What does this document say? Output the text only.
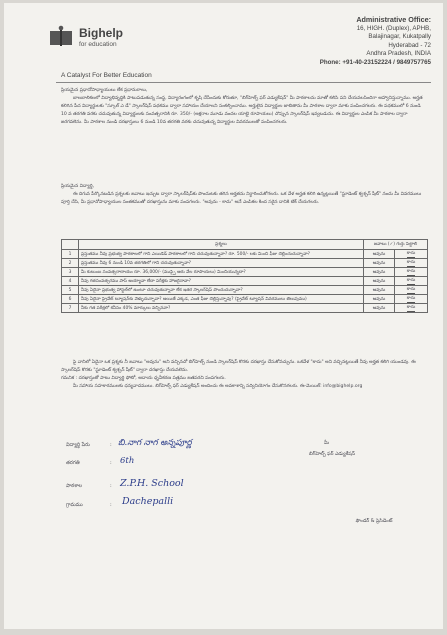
Bighelp
for education
A Catalyst For Better Education
Administrative Office:
16, HIGH. (Duplex), APHB,
Balajinagar, Kukatpally
Hyderabad - 72
Andhra Pradesh, INDIA
Phone: +91-40-23152224 / 9849757765

ప్రియమైన ప్రధానోపాధ్యాయులు లేక ప్రధానురాలు,

బాలబాలికలలో విద్యాభివృద్ధికి పాటుపడుతున్న సంస్థ, విద్యారంగంలో కృషి చేసేందుకు కోరుతూ, "బిగ్‌హెల్ప్ ఫర్ ఎడ్యుకేషన్" మీ పాఠశాలను మాతో కలిసి పని చేయవలసిందిగా ఆహ్వానిస్తున్నాము. అర్హత కలిగిన పేద విద్యార్థులకు "స్కూల్ ఎ డే" స్కాలర్‌షిప్ పథకము ద్వారా సహాయం చేయాలని సంకల్పించాము. అర్హులైన విద్యార్థుల జాబితాను మీ పాఠశాల ద్వారా మాకు పంపించగలరు. ఈ పథకములో 6 నుండి 10 వ తరగతి వరకు చదువుతున్న విద్యార్థులకు సంవత్సరానికి రూ. 350/- (అక్షరాల మూడు వందల యాభై రూపాయలు) చొప్పున స్కాలర్‌షిప్ ఇవ్వబడును. ఈ విద్యార్థుల ఎంపిక మీ పాఠశాల ద్వారా జరగవలెను. మీ పాఠశాల నుండి దరఖాస్తులు 6 నుండి 10వ తరగతి వరకు చదువుతున్న విద్యార్థుల వివరములతో పంపించగలరు.

ప్రియమైన విద్యార్థి,

ఈ దిగువ పేర్కొనబడిన ప్రశ్నలకు జవాబు ఇచ్చుట ద్వారా స్కాలర్‌షిప్‌కు పొందుటకు తగిన అర్హతను నిర్ధారించుకోగలరు. ఒక వేళ అర్హత కలిగి ఉన్నట్లయితే "స్టూడెంట్ క్వశ్చన్ షీట్" నందు మీ వివరములు పూర్తి చేసి, మీ ప్రధానోపాధ్యాయుల సంతకముతో దరఖాస్తును మాకు పంపగలరు. "అవును - కాదు" అనే ఎంపికల కింద సరైన దానికి టిక్ చేయగలరు.

	ప్రశ్నలు	జవాబు (✓) గుర్తు పెట్టాలి	
1	ప్రస్తుతము నీవు ప్రభుత్వ పాఠశాలలో గాని ఎయిడెడ్ పాఠశాలలో గాని చదువుతున్నావా? రూ. 500/- లకు మించి ఫీజు చెల్లించుచున్నావా?	అవును	కాదు
2	ప్రస్తుతము నీవు 6 నుండి 10వ తరగతిలో గాని చదువుతున్నావా?	అవును	కాదు
3	మీ కుటుంబ సంవత్సరాదాయం రూ. 36,000/- (ముప్పై ఆరు వేల రూపాయలు) మించియున్నదా?	అవును	కాదు
4	నీవు గతసంవత్సరము పాస్ అయ్యావా లేదా పరీక్షకు హాజరైనావా?	అవును	కాదు
5	నీవు ఏదైనా ప్రభుత్వ హాస్టల్‌లో ఉంటూ చదువుతున్నావా లేక ఇతర స్కాలర్‌షిప్ పొందుచున్నావా?	అవును	కాదు
6	నీవు ఏదైనా ప్రైవేట్ ట్యూషన్‌కు వెళ్ళుచున్నావా? అయితే ఎక్కడ, ఎంత ఫీజు చెల్లిస్తున్నావు? (ప్రైవేట్ ట్యూషన్ వివరములు తెలుపుము)	అవును	కాదు
7	నీకు గత పరీక్షలో కనీసం 40% మార్కులు వచ్చినవా?	అవును	కాదు

పై వానిలో ఏదైనా ఒక ప్రశ్నకు నీ జవాబు "అవును" అని వచ్చినచో బిగ్‌హెల్ప్ నుండి స్కాలర్‌షిప్ కొరకు దరఖాస్తు చేసుకోవచ్చును. ఒకవేళ "కాదు" అని వచ్చినట్లయితే నీవు అర్హత కలిగి యుండవు. ఈ స్కాలర్‌షిప్ కొరకు "స్టూడెంట్ క్వశ్చన్ షీట్" ద్వారా దరఖాస్తు చేయవలెను.

గమనిక : దరఖాస్తుతో పాటు విద్యార్థి ఫోటో, ఆదాయ ధృవీకరణ పత్రము జతపరచి పంపగలరు.

మీ సహాయ సహకారములకు ధన్యవాదములు. బిగ్‌హెల్ప్ ఫర్ ఎడ్యుకేషన్ అందించు ఈ అవకాశాన్ని సద్వినియోగం చేసుకొనగలరు. ఈ-మెయిల్: info@bighelp.org

విద్యార్థి పేరు	: బి.నాగ నాగ అన్నపూర్ణ
తరగతి	: 6th
పాఠశాల	: Z.P.H. School
గ్రామము	: Dachepalli
మీ
బిగ్‌హెల్ప్ ఫర్ ఎడ్యుకేషన్
ఫౌండర్ & ప్రెసిడెంట్
